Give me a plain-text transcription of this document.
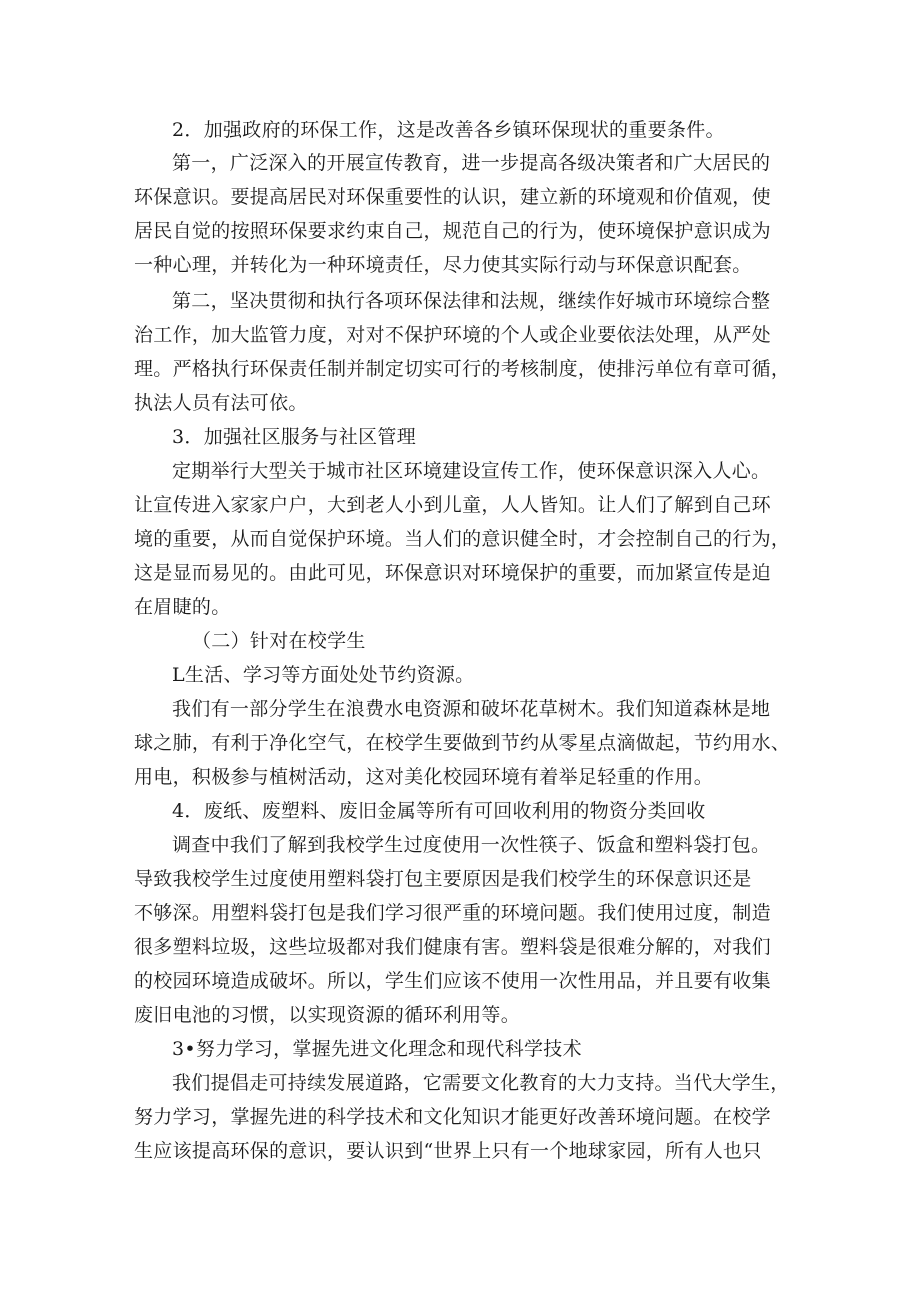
2．加强政府的环保工作，这是改善各乡镇环保现状的重要条件。
第一，广泛深入的开展宣传教育，进一步提高各级决策者和广大居民的
环保意识。要提高居民对环保重要性的认识，建立新的环境观和价值观，使
居民自觉的按照环保要求约束自己，规范自己的行为，使环境保护意识成为
一种心理，并转化为一种环境责任，尽力使其实际行动与环保意识配套。
第二，坚决贯彻和执行各项环保法律和法规，继续作好城市环境综合整
治工作，加大监管力度，对对不保护环境的个人或企业要依法处理，从严处
理。严格执行环保责任制并制定切实可行的考核制度，使排污单位有章可循，
执法人员有法可依。
3．加强社区服务与社区管理
定期举行大型关于城市社区环境建设宣传工作，使环保意识深入人心。
让宣传进入家家户户，大到老人小到儿童，人人皆知。让人们了解到自己环
境的重要，从而自觉保护环境。当人们的意识健全时，才会控制自己的行为，
这是显而易见的。由此可见，环保意识对环境保护的重要，而加紧宣传是迫
在眉睫的。
（二）针对在校学生
L生活、学习等方面处处节约资源。
我们有一部分学生在浪费水电资源和破坏花草树木。我们知道森林是地
球之肺，有利于净化空气，在校学生要做到节约从零星点滴做起，节约用水、
用电，积极参与植树活动，这对美化校园环境有着举足轻重的作用。
4．废纸、废塑料、废旧金属等所有可回收利用的物资分类回收
调查中我们了解到我校学生过度使用一次性筷子、饭盒和塑料袋打包。
导致我校学生过度使用塑料袋打包主要原因是我们校学生的环保意识还是
不够深。用塑料袋打包是我们学习很严重的环境问题。我们使用过度，制造
很多塑料垃圾，这些垃圾都对我们健康有害。塑料袋是很难分解的，对我们
的校园环境造成破坏。所以，学生们应该不使用一次性用品，并且要有收集
废旧电池的习惯，以实现资源的循环利用等。
3•努力学习，掌握先进文化理念和现代科学技术
我们提倡走可持续发展道路，它需要文化教育的大力支持。当代大学生，
努力学习，掌握先进的科学技术和文化知识才能更好改善环境问题。在校学
生应该提高环保的意识，要认识到“世界上只有一个地球家园，所有人也只
